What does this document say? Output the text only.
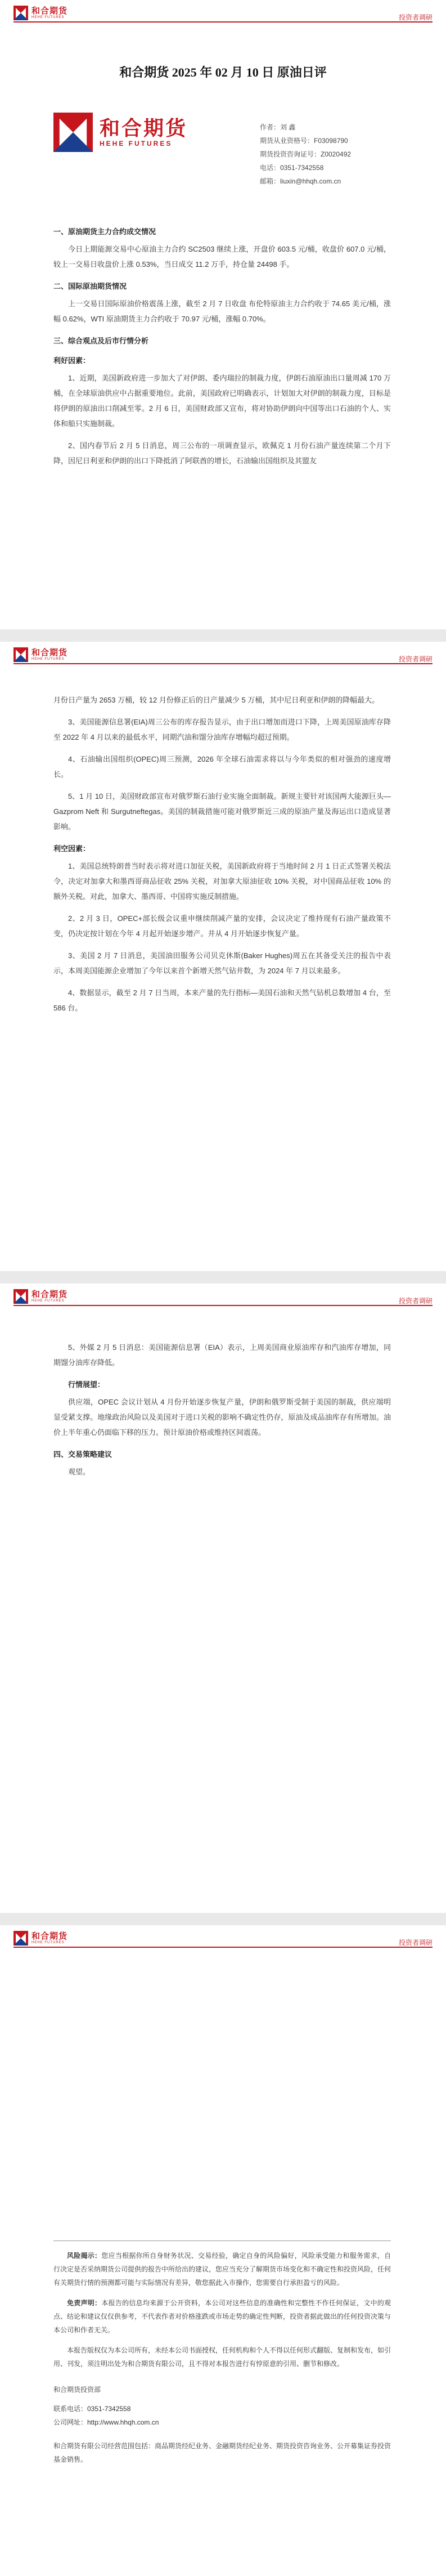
和合期货
HEHE FUTURES	投资者调研
和合期货 2025 年 02 月 10 日 原油日评
和合期货
HEHE FUTURES
作者：刘 鑫
期货从业资格号：F03098790
期货投资咨询证号：Z0020492
电话：0351-7342558
邮箱：liuxin@hhqh.com.cn
一、原油期货主力合约成交情况
今日上期能源交易中心原油主力合约 SC2503 继续上涨，开盘价 603.5 元/桶，收盘价 607.0 元/桶，较上一交易日收盘价上涨 0.53%，当日成交 11.2 万手，持仓量 24498 手。
二、国际原油期货情况
上一交易日国际原油价格震荡上涨，截至 2 月 7 日收盘 布伦特原油主力合约收于 74.65 美元/桶，涨幅 0.62%，WTI 原油期货主力合约收于 70.97 元/桶，涨幅 0.70%。
三、综合观点及后市行情分析
利好因素：
1、近期，美国新政府进一步加大了对伊朗、委内瑞拉的制裁力度，伊朗石油原油出口量周减 170 万桶，在全球原油供应中占据重要地位。此前，美国政府已明确表示，计划加大对伊朗的制裁力度，目标是将伊朗的原油出口削减至零。2 月 6 日，美国财政部又宣布，将对协助伊朗向中国等出口石油的个人、实体和船只实施制裁。
2、国内春节后 2 月 5 日消息，周三公布的一项调查显示，欧佩克 1 月份石油产量连续第二个月下降，因尼日利亚和伊朗的出口下降抵消了阿联酋的增长，石油输出国组织及其盟友
和合期货
HEHE FUTURES	投资者调研
月份日产量为 2653 万桶，较 12 月份修正后的日产量减少 5 万桶，其中尼日利亚和伊朗的降幅最大。
3、美国能源信息署(EIA)周三公布的库存报告显示，由于出口增加而进口下降，上周美国原油库存降至 2022 年 4 月以来的最低水平，同期汽油和馏分油库存增幅均超过预期。
4、石油输出国组织(OPEC)周三预测，2026 年全球石油需求将以与今年类似的相对强劲的速度增长。
5、1 月 10 日，美国财政部宣布对俄罗斯石油行业实施全面制裁。新规主要针对该国两大能源巨头—Gazprom Neft 和 Surgutneftegas。美国的制裁措施可能对俄罗斯近三成的原油产量及海运出口造成显著影响。
利空因素：
1、美国总统特朗普当时表示将对进口加征关税，美国新政府将于当地时间 2 月 1 日正式签署关税法令，决定对加拿大和墨西哥商品征收 25% 关税，对加拿大原油征收 10% 关税，对中国商品征收 10% 的额外关税。对此，加拿大、墨西哥、中国将实施反制措施。
2、2 月 3 日，OPEC+部长级会议重申继续削减产量的安排，会议决定了维持现有石油产量政策不变，仍决定按计划在今年 4 月起开始逐步增产。并从 4 月开始逐步恢复产量。
3、美国 2 月 7 日消息，美国油田服务公司贝克休斯(Baker Hughes)周五在其备受关注的报告中表示，本周美国能源企业增加了今年以来首个新增天然气钻井数，为 2024 年 7 月以来最多。
4、数据显示，截至 2 月 7 日当周，本来产量的先行指标—美国石油和天然气钻机总数增加 4 台，至 586 台。
和合期货
HEHE FUTURES	投资者调研
5、外媒 2 月 5 日消息：美国能源信息署（EIA）表示，上周美国商业原油库存和汽油库存增加，同期馏分油库存降低。
行情展望：
供应端，OPEC 会议计划从 4 月份开始逐步恢复产量，伊朗和俄罗斯受制于美国的制裁，供应端明显受紧支撑。地缘政治风险以及美国对于进口关税的影响不确定性仍存，原油及成品油库存有所增加。油价上半年重心仍面临下移的压力。预计原油价格或维持区间震荡。
四、交易策略建议
观望。
和合期货
HEHE FUTURES	投资者调研
风险揭示：您应当根据你所自身财务状况、交易经验，确定自身的风险偏好，风险承受能力和服务需求，自行决定是否采纳期货公司提供的报告中所给出的建议，您应当充分了解期货市场变化和不确定性和投资风险，任何有关期货行情的预测都可能与实际情况有差异，敬您据此入市操作，您需要自行承担盈亏的风险。
免责声明：本报告的信息均来源于公开资料，本公司对这些信息的准确性和完整性不作任何保证，文中的观点、结论和建议仅仅供参考，不代表作者对价格涨跌或市场走势的确定性判断，投资者据此做出的任何投资决策与本公司和作者无关。
本报告版权仅为本公司所有，未经本公司书面授权，任何机构和个人不得以任何形式翻版、复制和发布，如引用、刊发，须注明出处为和合期货有限公司，且不得对本报告进行有悖原意的引用、删节和修改。
和合期货投资部
联系电话：0351-7342558
公司网址：http://www.hhqh.com.cn
和合期货有限公司经营范围包括：商品期货经纪业务、金融期货经纪业务、期货投资咨询业务、公开募集证券投资基金销售。
